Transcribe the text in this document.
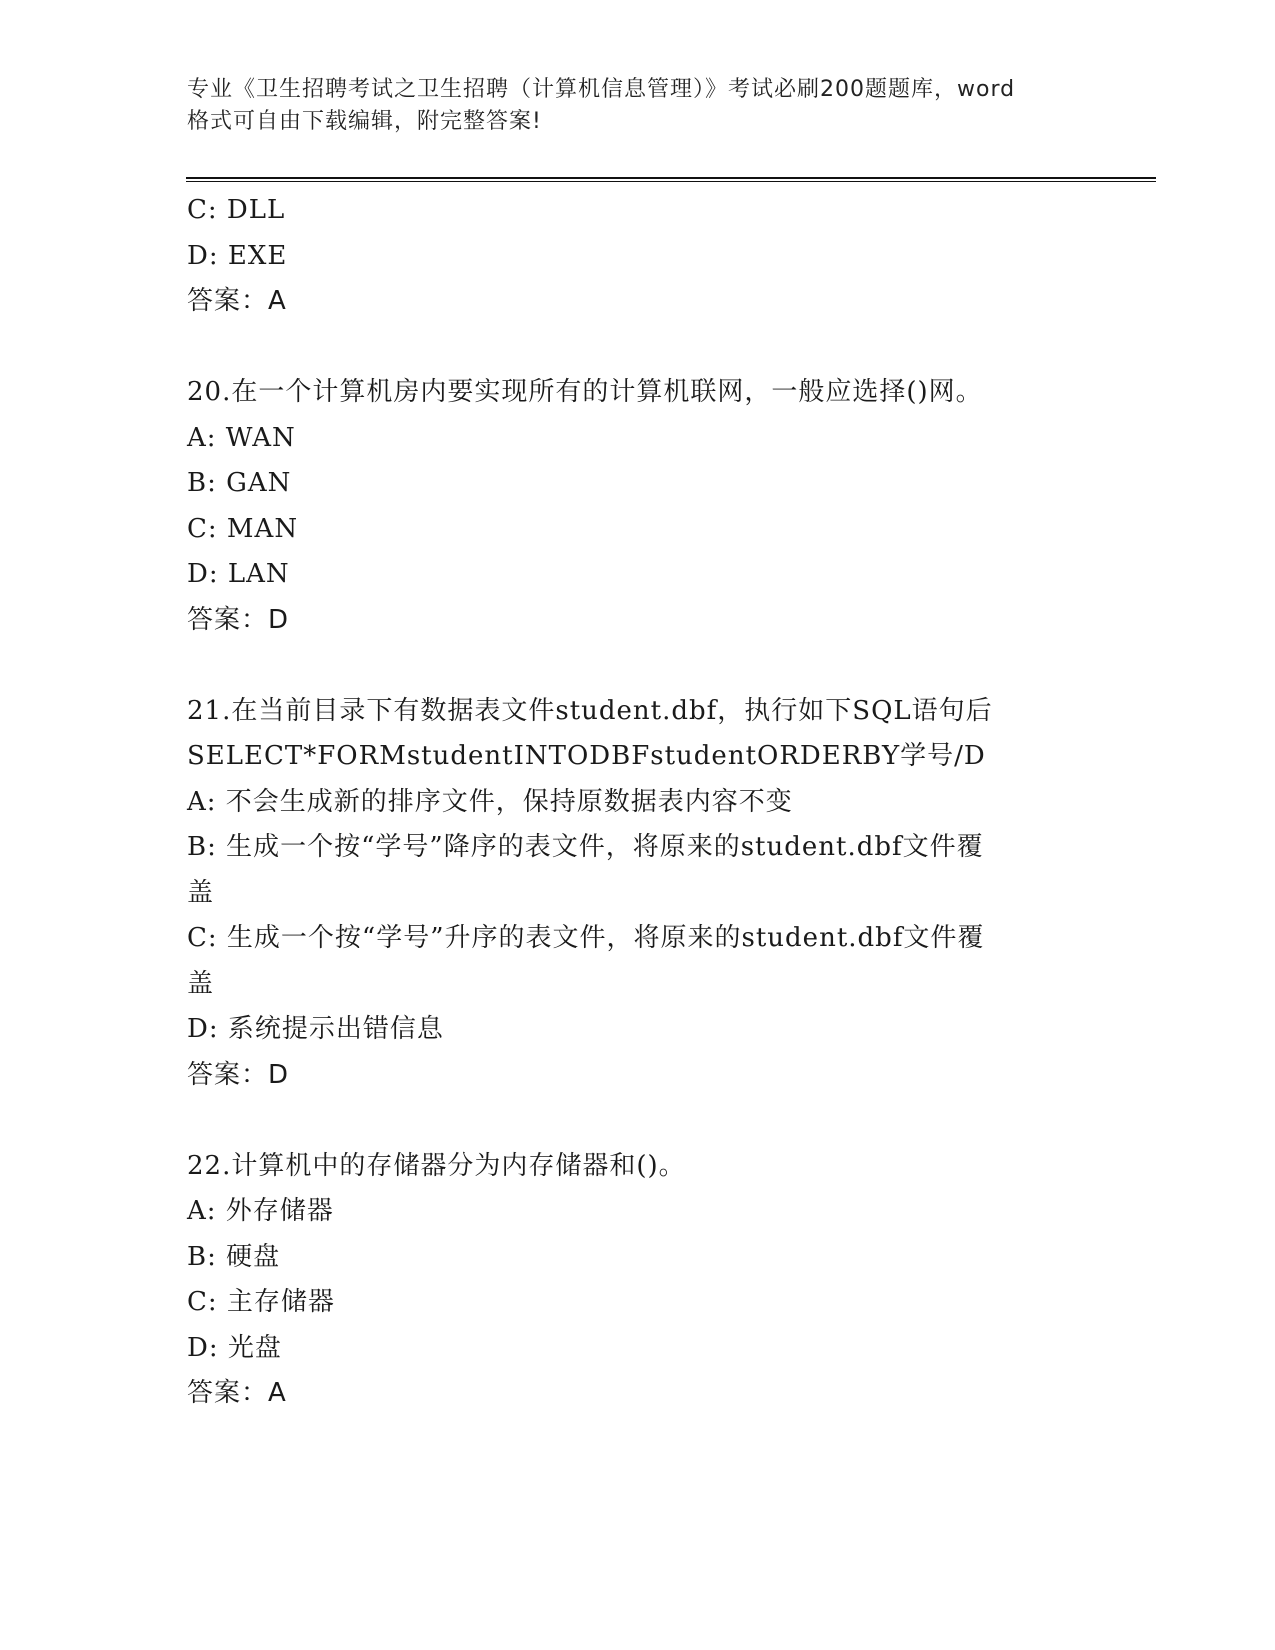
专业《卫生招聘考试之卫生招聘（计算机信息管理）》考试必刷200题题库，word
格式可自由下载编辑，附完整答案!
C: DLL
D: EXE
答案：A
20.在一个计算机房内要实现所有的计算机联网，一般应选择()网。
A: WAN
B: GAN
C: MAN
D: LAN
答案：D
21.在当前目录下有数据表文件student.dbf，执行如下SQL语句后
SELECT*FORMstudentINTODBFstudentORDERBY学号/D
A: 不会生成新的排序文件，保持原数据表内容不变
B: 生成一个按“学号”降序的表文件，将原来的student.dbf文件覆
盖
C: 生成一个按“学号”升序的表文件，将原来的student.dbf文件覆
盖
D: 系统提示出错信息
答案：D
22.计算机中的存储器分为内存储器和()。
A: 外存储器
B: 硬盘
C: 主存储器
D: 光盘
答案：A
